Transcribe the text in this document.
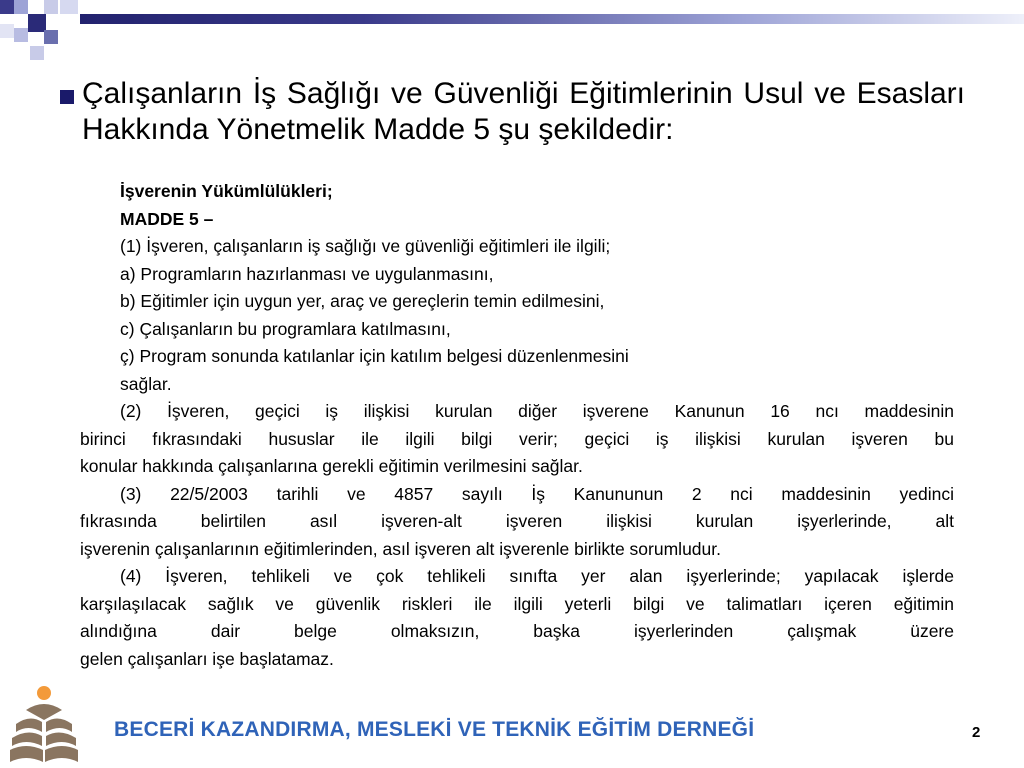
Çalışanların İş Sağlığı ve Güvenliği Eğitimlerinin Usul ve Esasları Hakkında Yönetmelik Madde 5 şu şekildedir:
İşverenin Yükümlülükleri;
MADDE 5 –
(1) İşveren, çalışanların iş sağlığı ve güvenliği eğitimleri ile ilgili;
a) Programların hazırlanması ve uygulanmasını,
b) Eğitimler için uygun yer, araç ve gereçlerin temin edilmesini,
c) Çalışanların bu programlara katılmasını,
ç) Program sonunda katılanlar için katılım belgesi düzenlenmesini
sağlar.
(2) İşveren, geçici iş ilişkisi kurulan diğer işverene Kanunun 16 ncı maddesinin
birinci fıkrasındaki hususlar ile ilgili bilgi verir; geçici iş ilişkisi kurulan işveren bu
konular hakkında çalışanlarına gerekli eğitimin verilmesini sağlar.
(3) 22/5/2003 tarihli ve 4857 sayılı İş Kanununun 2 nci maddesinin yedinci
fıkrasında belirtilen asıl işveren-alt işveren ilişkisi kurulan işyerlerinde, alt
işverenin çalışanlarının eğitimlerinden, asıl işveren alt işverenle birlikte sorumludur.
(4) İşveren, tehlikeli ve çok tehlikeli sınıfta yer alan işyerlerinde; yapılacak işlerde
karşılaşılacak sağlık ve güvenlik riskleri ile ilgili yeterli bilgi ve talimatları içeren eğitimin
alındığına dair belge olmaksızın, başka işyerlerinden çalışmak üzere
gelen çalışanları işe başlatamaz.
BECERİ KAZANDIRMA, MESLEKİ VE TEKNİK EĞİTİM DERNEĞİ	2
